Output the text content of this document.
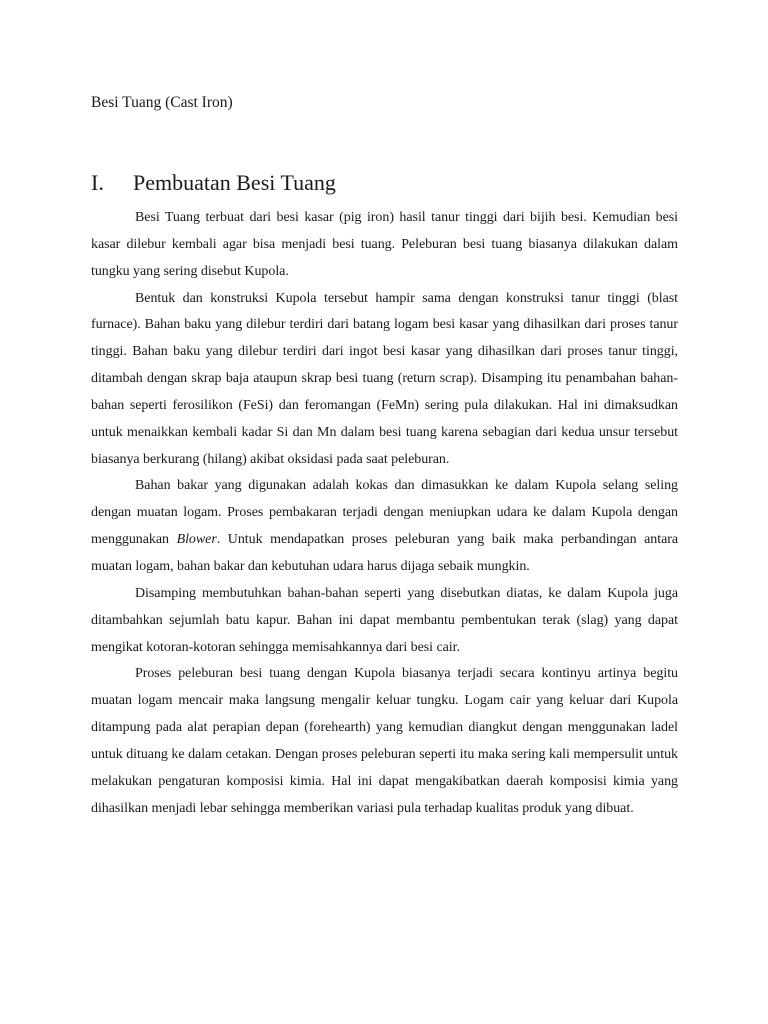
Besi Tuang (Cast Iron)
I. Pembuatan Besi Tuang

Besi Tuang terbuat dari besi kasar (pig iron) hasil tanur tinggi dari bijih besi. Kemudian besi kasar dilebur kembali agar bisa menjadi besi tuang. Peleburan besi tuang biasanya dilakukan dalam tungku yang sering disebut Kupola.

Bentuk dan konstruksi Kupola tersebut hampir sama dengan konstruksi tanur tinggi (blast furnace). Bahan baku yang dilebur terdiri dari batang logam besi kasar yang dihasilkan dari proses tanur tinggi. Bahan baku yang dilebur terdiri dari ingot besi kasar yang dihasilkan dari proses tanur tinggi, ditambah dengan skrap baja ataupun skrap besi tuang (return scrap). Disamping itu penambahan bahan-bahan seperti ferosilikon (FeSi) dan feromangan (FeMn) sering pula dilakukan. Hal ini dimaksudkan untuk menaikkan kembali kadar Si dan Mn dalam besi tuang karena sebagian dari kedua unsur tersebut biasanya berkurang (hilang) akibat oksidasi pada saat peleburan.

Bahan bakar yang digunakan adalah kokas dan dimasukkan ke dalam Kupola selang seling dengan muatan logam. Proses pembakaran terjadi dengan meniupkan udara ke dalam Kupola dengan menggunakan Blower. Untuk mendapatkan proses peleburan yang baik maka perbandingan antara muatan logam, bahan bakar dan kebutuhan udara harus dijaga sebaik mungkin.

Disamping membutuhkan bahan-bahan seperti yang disebutkan diatas, ke dalam Kupola juga ditambahkan sejumlah batu kapur. Bahan ini dapat membantu pembentukan terak (slag) yang dapat mengikat kotoran-kotoran sehingga memisahkannya dari besi cair.

Proses peleburan besi tuang dengan Kupola biasanya terjadi secara kontinyu artinya begitu muatan logam mencair maka langsung mengalir keluar tungku. Logam cair yang keluar dari Kupola ditampung pada alat perapian depan (forehearth) yang kemudian diangkut dengan menggunakan ladel untuk dituang ke dalam cetakan. Dengan proses peleburan seperti itu maka sering kali mempersulit untuk melakukan pengaturan komposisi kimia. Hal ini dapat mengakibatkan daerah komposisi kimia yang dihasilkan menjadi lebar sehingga memberikan variasi pula terhadap kualitas produk yang dibuat.
